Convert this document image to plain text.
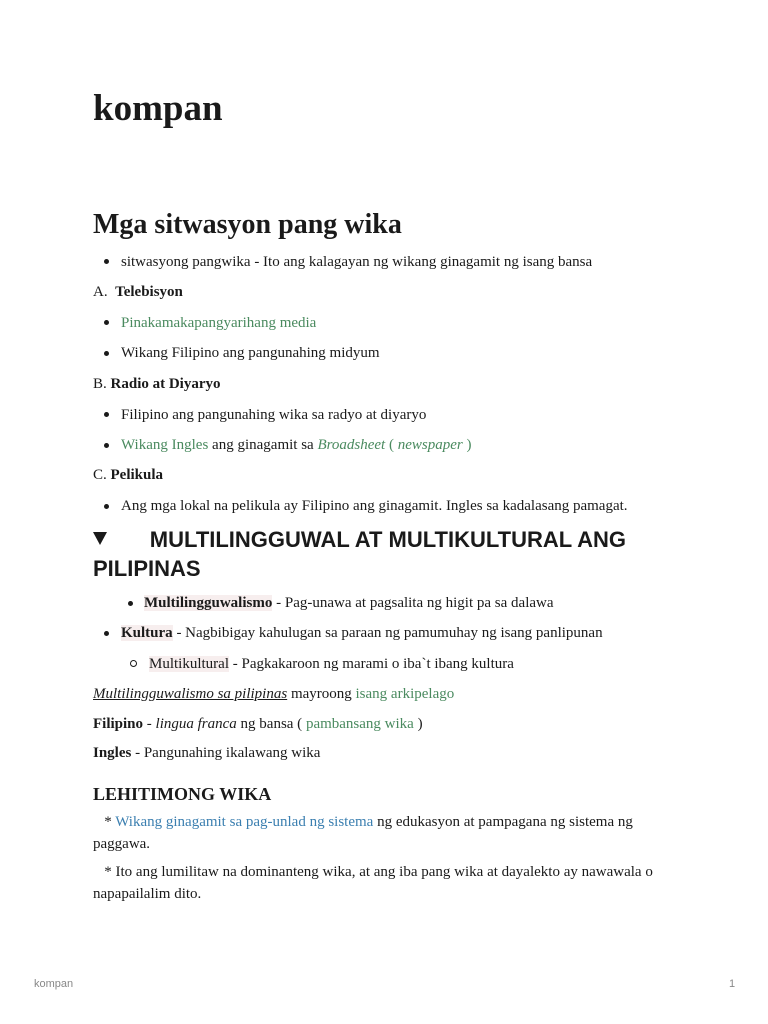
kompan
Mga sitwasyon pang wika
sitwasyong pangwika - Ito ang kalagayan ng wikang ginagamit ng isang bansa
A. Telebisyon
Pinakamakapangyarihang media
Wikang Filipino ang pangunahing midyum
B. Radio at Diyaryo
Filipino ang pangunahing wika sa radyo at diyaryo
Wikang Ingles ang ginagamit sa Broadsheet ( newspaper )
C. Pelikula
Ang mga lokal na pelikula ay Filipino ang ginagamit. Ingles sa kadalasang pamagat.
MULTILINGGUWAL AT MULTIKULTURAL ANG
PILIPINAS
Multilingguwalismo - Pag-unawa at pagsalita ng higit pa sa dalawa
Kultura - Nagbibigay kahulugan sa paraan ng pamumuhay ng isang panlipunan
Multikultural - Pagkakaroon ng marami o iba`t ibang kultura
Multilingguwalismo sa pilipinas mayroong isang arkipelago
Filipino - lingua franca ng bansa ( pambansang wika )
Ingles - Pangunahing ikalawang wika
LEHITIMONG WIKA
* Wikang ginagamit sa pag-unlad ng sistema ng edukasyon at pampagana ng sistema ng
paggawa.
* Ito ang lumilitaw na dominanteng wika, at ang iba pang wika at dayalekto ay nawawala o
napapailalim dito.
kompan	1
